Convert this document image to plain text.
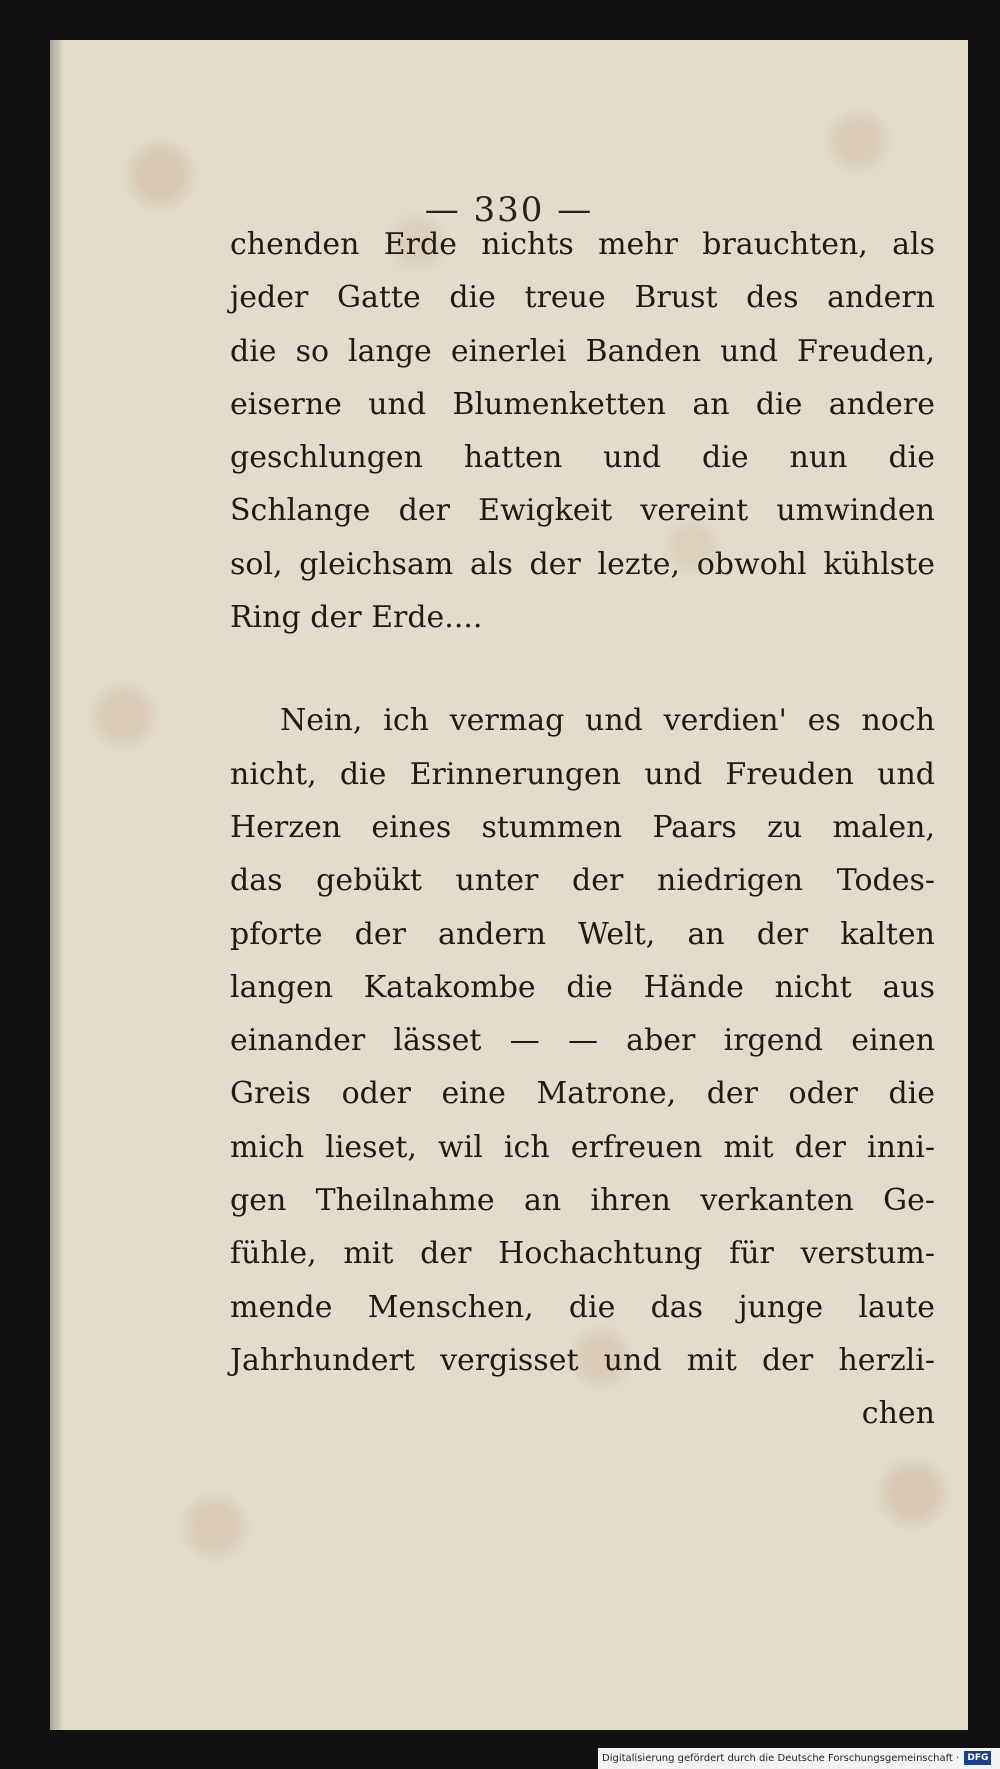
— 330 —
chenden Erde nichts mehr brauchten, als
jeder Gatte die treue Brust des andern
die so lange einerlei Banden und Freuden,
eiserne und Blumenketten an die andere
geschlungen hatten und die nun die
Schlange der Ewigkeit vereint umwinden
sol, gleichsam als der lezte, obwohl kühlste
Ring der Erde....
Nein, ich vermag und verdien' es noch
nicht, die Erinnerungen und Freuden und
Herzen eines stummen Paars zu malen,
das gebükt unter der niedrigen Todes-
pforte der andern Welt, an der kalten
langen Katakombe die Hände nicht aus
einander lässet — — aber irgend einen
Greis oder eine Matrone, der oder die
mich lieset, wil ich erfreuen mit der inni-
gen Theilnahme an ihren verkanten Ge-
fühle, mit der Hochachtung für verstum-
mende Menschen, die das junge laute
Jahrhundert vergisset und mit der herzli-
chen
Digitalisierung gefördert durch die Deutsche Forschungsgemeinschaft · DFG
